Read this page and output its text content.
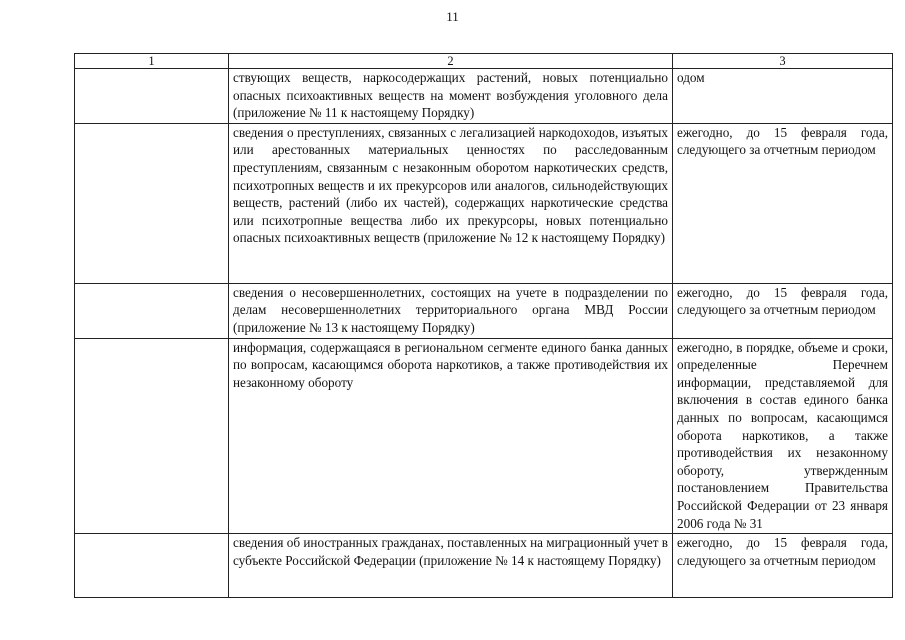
11
1	2	3
	ствующих веществ, наркосодержащих растений, новых потенциально опасных психоактивных веществ на момент возбуждения уголовного дела (приложение № 11 к настоящему Порядку)	одом
	сведения о преступлениях, связанных с легализацией наркодоходов, изъятых или арестованных материальных ценностях по расследованным преступлениям, связанным с незаконным оборотом наркотических средств, психотропных веществ и их прекурсоров или аналогов, сильнодействующих веществ, растений (либо их частей), содержащих наркотические средства или психотропные вещества либо их прекурсоры, новых потенциально опасных психоактивных веществ (приложение № 12 к настоящему Порядку)	ежегодно, до 15 февраля года, следующего за отчетным периодом
	сведения о несовершеннолетних, состоящих на учете в подразделении по делам несовершеннолетних территориального органа МВД России (приложение № 13 к настоящему Порядку)	ежегодно, до 15 февраля года, следующего за отчетным периодом
	информация, содержащаяся в региональном сегменте единого банка данных по вопросам, касающимся оборота наркотиков, а также противодействия их незаконному обороту	ежегодно, в порядке, объеме и сроки, определенные Перечнем информации, представляемой для включения в состав единого банка данных по вопросам, касающимся оборота наркотиков, а также противодействия их незаконному обороту, утвержденным постановлением Правительства Российской Федерации от 23 января 2006 года № 31
	сведения об иностранных гражданах, поставленных на миграционный учет в субъекте Российской Федерации (приложение № 14 к настоящему Порядку)	ежегодно, до 15 февраля года, следующего за отчетным периодом
